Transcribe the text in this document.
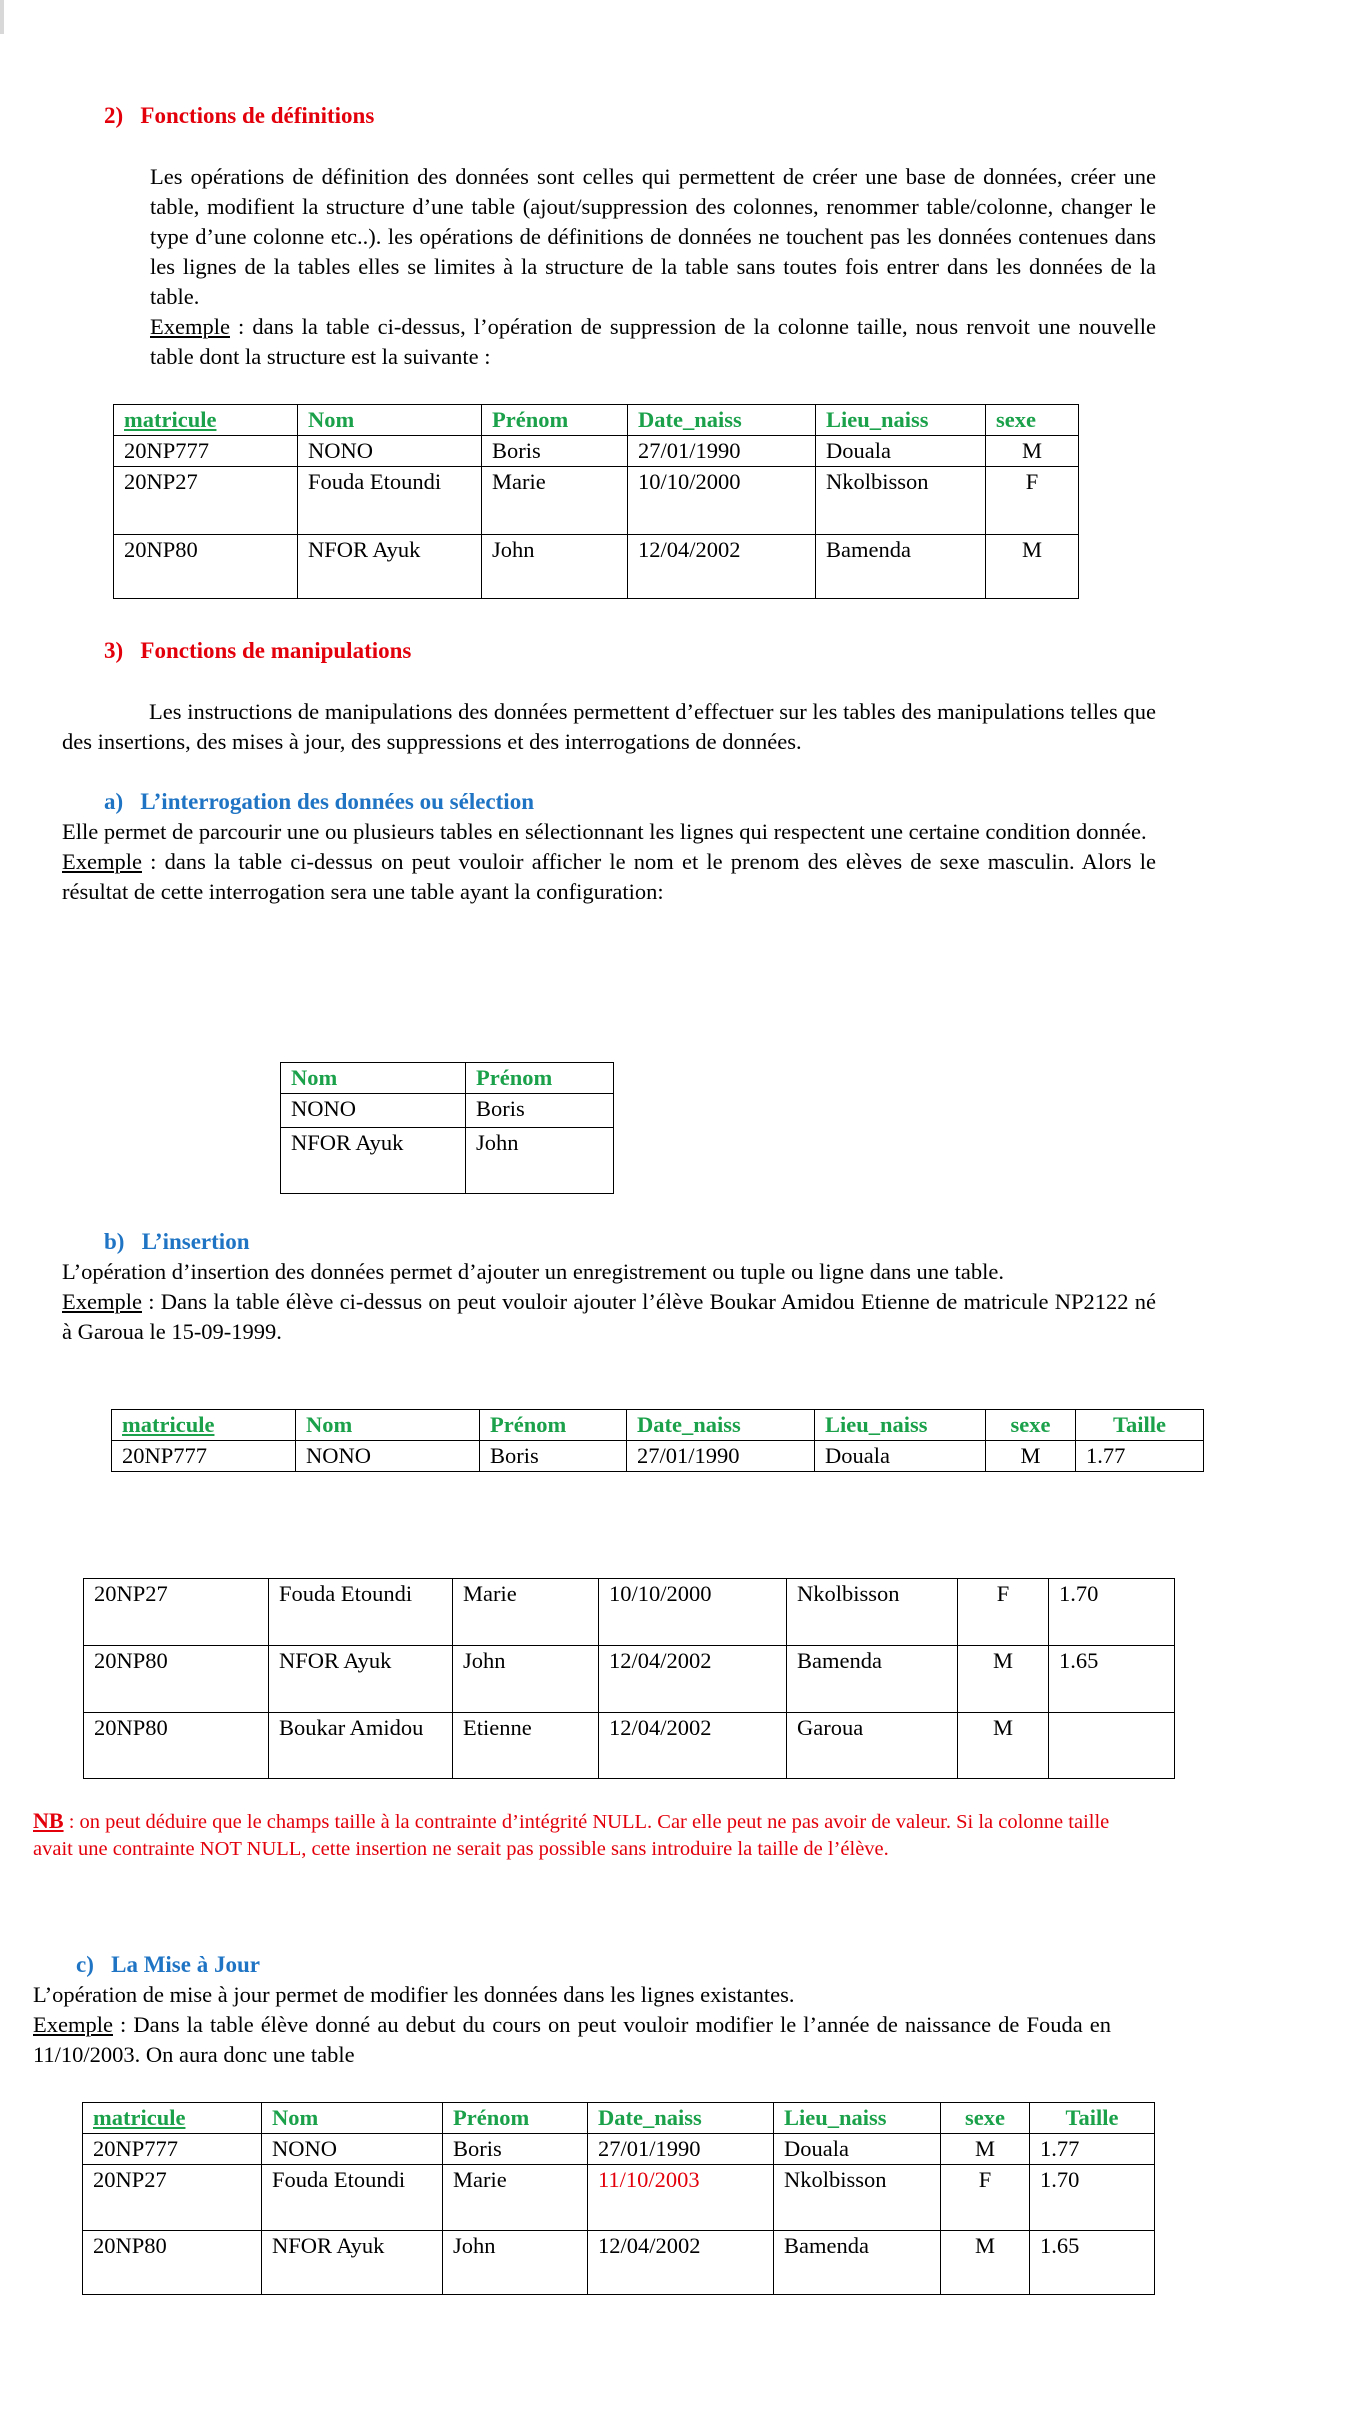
2)   Fonctions de définitions
Les opérations de définition des données sont celles qui permettent de créer une base de données, créer une table, modifient la structure d’une table (ajout/suppression des colonnes, renommer table/colonne, changer le type d’une colonne etc..). les opérations de définitions de données ne touchent pas les données contenues dans les lignes de la tables elles se limites à la structure de la table sans toutes fois entrer dans les données de la table.
Exemple : dans la table ci-dessus, l’opération de suppression de la colonne taille, nous renvoit une nouvelle table dont la structure est la suivante :
matricule	Nom	Prénom	Date_naiss	Lieu_naiss	sexe
20NP777	NONO	Boris	27/01/1990	Douala	M
20NP27	Fouda Etoundi	Marie	10/10/2000	Nkolbisson	F
20NP80	NFOR Ayuk	John	12/04/2002	Bamenda	M
3)   Fonctions de manipulations
Les instructions de manipulations des données permettent d’effectuer sur les tables des manipulations telles que des insertions, des mises à jour, des suppressions et des interrogations de données.
a)   L’interrogation des données ou sélection
Elle permet de parcourir une ou plusieurs tables en sélectionnant les lignes qui respectent une certaine condition donnée.
Exemple : dans la table ci-dessus on peut vouloir afficher le nom et le prenom des elèves de sexe masculin. Alors le résultat de cette interrogation sera une table ayant la configuration:
Nom	Prénom
NONO	Boris
NFOR Ayuk	John
b)   L’insertion
L’opération d’insertion des données permet d’ajouter un enregistrement ou tuple ou ligne dans une table.
Exemple : Dans la table élève ci-dessus on peut vouloir ajouter l’élève Boukar Amidou Etienne de matricule NP2122 né à Garoua le 15-09-1999.
matricule	Nom	Prénom	Date_naiss	Lieu_naiss	sexe	Taille
20NP777	NONO	Boris	27/01/1990	Douala	M	1.77
20NP27	Fouda Etoundi	Marie	10/10/2000	Nkolbisson	F	1.70
20NP80	NFOR Ayuk	John	12/04/2002	Bamenda	M	1.65
20NP80	Boukar Amidou	Etienne	12/04/2002	Garoua	M	
NB : on peut déduire que le champs taille à la contrainte d’intégrité NULL. Car elle peut ne pas avoir de valeur. Si la colonne taille avait une contrainte NOT NULL, cette insertion ne serait pas possible sans introduire la taille de l’élève.
c)   La Mise à Jour
L’opération de mise à jour permet de modifier les données dans les lignes existantes.
Exemple : Dans la table élève donné au debut du cours on peut vouloir modifier le l’année de naissance de Fouda en 11/10/2003. On aura donc une table
matricule	Nom	Prénom	Date_naiss	Lieu_naiss	sexe	Taille
20NP777	NONO	Boris	27/01/1990	Douala	M	1.77
20NP27	Fouda Etoundi	Marie	11/10/2003	Nkolbisson	F	1.70
20NP80	NFOR Ayuk	John	12/04/2002	Bamenda	M	1.65
